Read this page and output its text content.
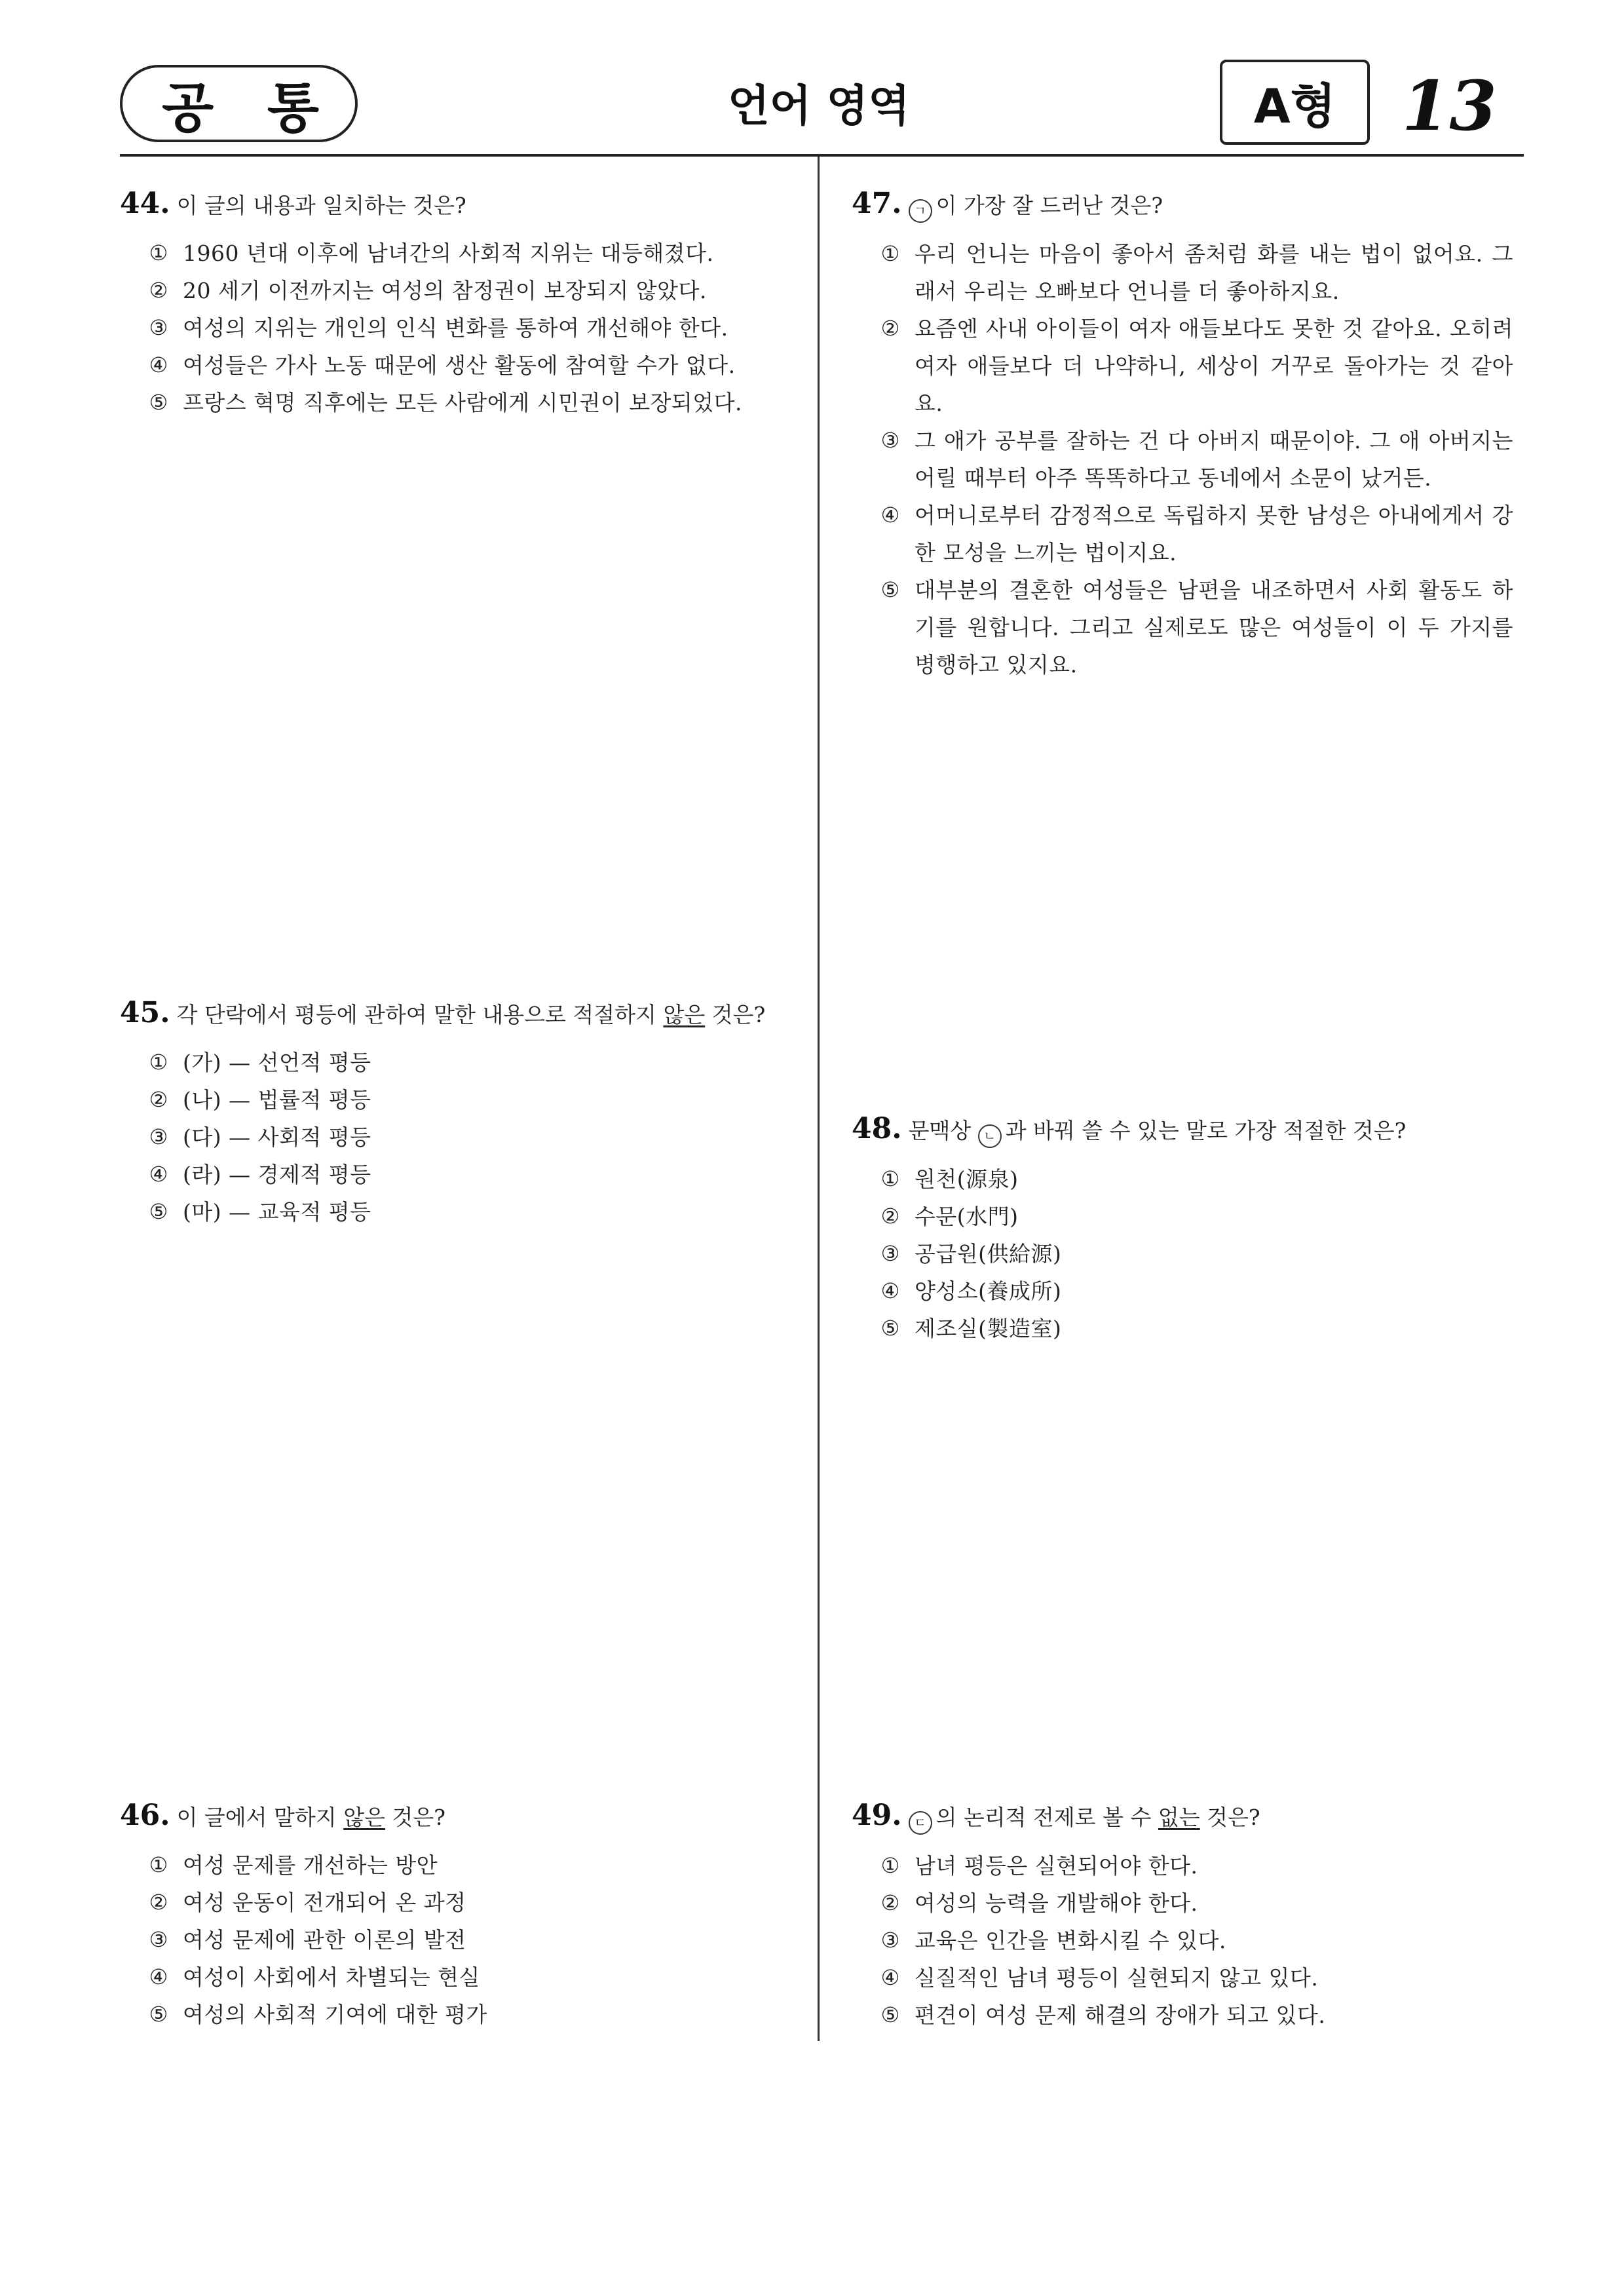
공 통	언어 영역	A형 13
44. 이 글의 내용과 일치하는 것은?
① 1960 년대 이후에 남녀간의 사회적 지위는 대등해졌다.
② 20 세기 이전까지는 여성의 참정권이 보장되지 않았다.
③ 여성의 지위는 개인의 인식 변화를 통하여 개선해야 한다.
④ 여성들은 가사 노동 때문에 생산 활동에 참여할 수가 없다.
⑤ 프랑스 혁명 직후에는 모든 사람에게 시민권이 보장되었다.
45. 각 단락에서 평등에 관하여 말한 내용으로 적절하지 않은 것은?
① (가) — 선언적 평등
② (나) — 법률적 평등
③ (다) — 사회적 평등
④ (라) — 경제적 평등
⑤ (마) — 교육적 평등
46. 이 글에서 말하지 않은 것은?
① 여성 문제를 개선하는 방안
② 여성 운동이 전개되어 온 과정
③ 여성 문제에 관한 이론의 발전
④ 여성이 사회에서 차별되는 현실
⑤ 여성의 사회적 기여에 대한 평가
47. ㄱ 이 가장 잘 드러난 것은?
① 우리 언니는 마음이 좋아서 좀처럼 화를 내는 법이 없어요. 그래서 우리는 오빠보다 언니를 더 좋아하지요.
② 요즘엔 사내 아이들이 여자 애들보다도 못한 것 같아요. 오히려 여자 애들보다 더 나약하니, 세상이 거꾸로 돌아가는 것 같아요.
③ 그 애가 공부를 잘하는 건 다 아버지 때문이야. 그 애 아버지는 어릴 때부터 아주 똑똑하다고 동네에서 소문이 났거든.
④ 어머니로부터 감정적으로 독립하지 못한 남성은 아내에게서 강한 모성을 느끼는 법이지요.
⑤ 대부분의 결혼한 여성들은 남편을 내조하면서 사회 활동도 하기를 원합니다. 그리고 실제로도 많은 여성들이 이 두 가지를 병행하고 있지요.
48. 문맥상 ㄴ 과 바꿔 쓸 수 있는 말로 가장 적절한 것은?
① 원천(源泉)
② 수문(水門)
③ 공급원(供給源)
④ 양성소(養成所)
⑤ 제조실(製造室)
49. ㄷ 의 논리적 전제로 볼 수 없는 것은?
① 남녀 평등은 실현되어야 한다.
② 여성의 능력을 개발해야 한다.
③ 교육은 인간을 변화시킬 수 있다.
④ 실질적인 남녀 평등이 실현되지 않고 있다.
⑤ 편견이 여성 문제 해결의 장애가 되고 있다.
